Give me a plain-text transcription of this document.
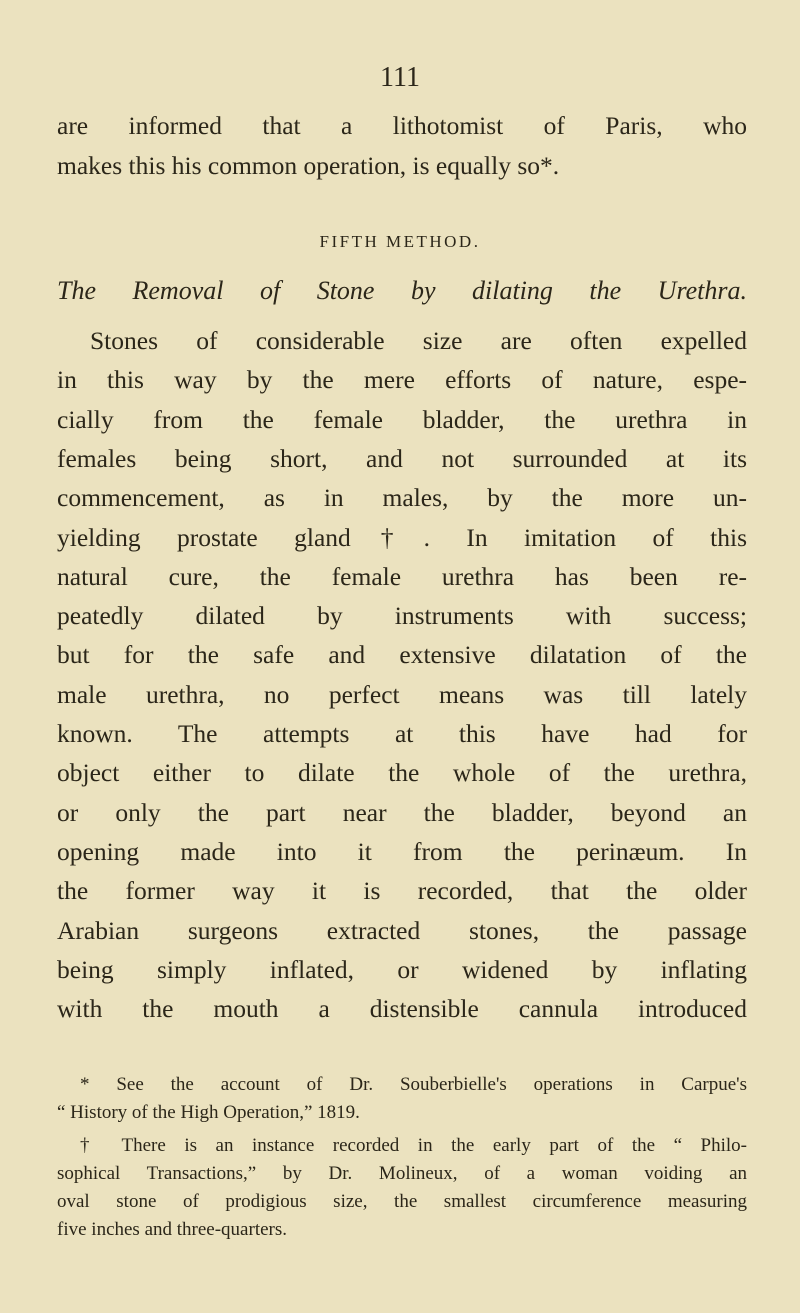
111
are informed that a lithotomist of Paris, who
makes this his common operation, is equally so*.
FIFTH METHOD.
The Removal of Stone by dilating the Urethra.
Stones of considerable size are often expelled
in this way by the mere efforts of nature, espe-
cially from the female bladder, the urethra in
females being short, and not surrounded at its
commencement, as in males, by the more un-
yielding prostate gland†. In imitation of this
natural cure, the female urethra has been re-
peatedly dilated by instruments with success;
but for the safe and extensive dilatation of the
male urethra, no perfect means was till lately
known. The attempts at this have had for
object either to dilate the whole of the urethra,
or only the part near the bladder, beyond an
opening made into it from the perinæum. In
the former way it is recorded, that the older
Arabian surgeons extracted stones, the passage
being simply inflated, or widened by inflating
with the mouth a distensible cannula introduced
* See the account of Dr. Souberbielle's operations in Carpue's
“ History of the High Operation,” 1819.
† There is an instance recorded in the early part of the “ Philo-
sophical Transactions,” by Dr. Molineux, of a woman voiding an
oval stone of prodigious size, the smallest circumference measuring
five inches and three-quarters.
